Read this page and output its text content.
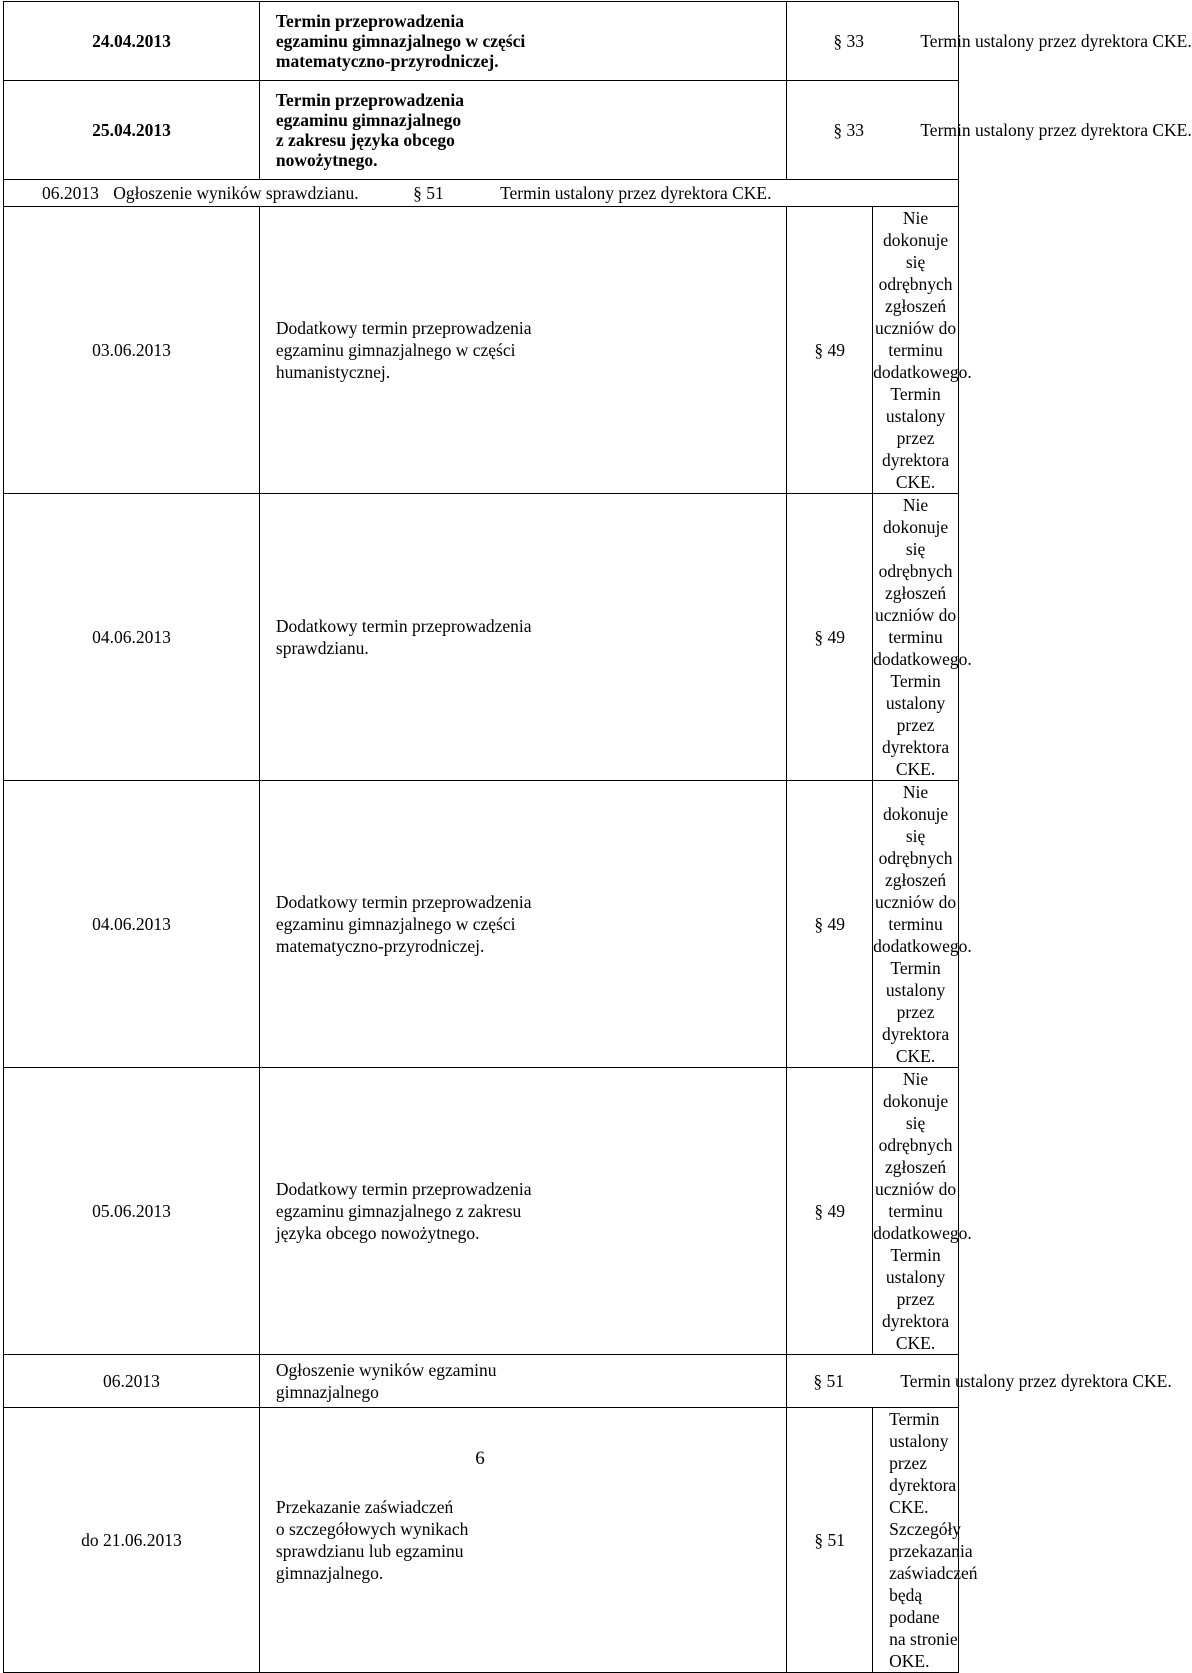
24.04.2013	Termin przeprowadzenia
egzaminu gimnazjalnego w części
matematyczno-przyrodniczej.	§ 33 Termin ustalony przez dyrektora CKE.	
25.04.2013	Termin przeprowadzenia
egzaminu gimnazjalnego
z zakresu języka obcego
nowożytnego.	§ 33 Termin ustalony przez dyrektora CKE.	
06.2013 Ogłoszenie wyników sprawdzianu. § 51 Termin ustalony przez dyrektora CKE.			
03.06.2013	Dodatkowy termin przeprowadzenia
egzaminu gimnazjalnego w części
humanistycznej.	§ 49	Nie dokonuje się odrębnych zgłoszeń
uczniów do terminu dodatkowego.
Termin ustalony przez dyrektora CKE.

04.06.2013	Dodatkowy termin przeprowadzenia
sprawdzianu.	§ 49	Nie dokonuje się odrębnych zgłoszeń
uczniów do terminu dodatkowego.
Termin ustalony przez dyrektora CKE.

04.06.2013	Dodatkowy termin przeprowadzenia
egzaminu gimnazjalnego w części
matematyczno-przyrodniczej.	§ 49	Nie dokonuje się odrębnych zgłoszeń
uczniów do terminu dodatkowego.
Termin ustalony przez dyrektora CKE.

05.06.2013	Dodatkowy termin przeprowadzenia
egzaminu gimnazjalnego z zakresu
języka obcego nowożytnego.	§ 49	Nie dokonuje się odrębnych zgłoszeń
uczniów do terminu dodatkowego.
Termin ustalony przez dyrektora CKE.

06.2013	Ogłoszenie wyników egzaminu
gimnazjalnego	§ 51 Termin ustalony przez dyrektora CKE.	
do 21.06.2013	Przekazanie zaświadczeń
o szczegółowych wynikach
sprawdzianu lub egzaminu
gimnazjalnego.	§ 51	Termin ustalony przez dyrektora CKE.
Szczegóły przekazania zaświadczeń
będą podane na stronie OKE.
6
